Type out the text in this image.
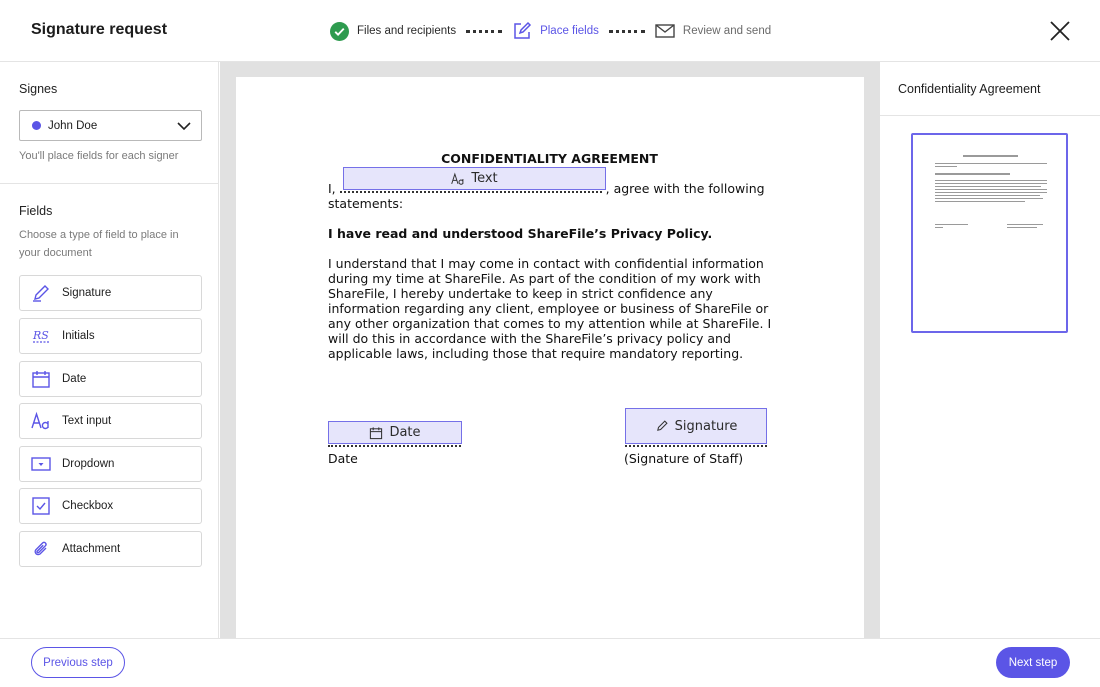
Signature request	Files and recipients	Place fields	Review and send
Signes
John Doe
You'll place fields for each signer
Fields
Choose a type of field to place in
your document
Signature
RS Initials
Date
Text input
Dropdown
Checkbox
Attachment
CONFIDENTIALITY AGREEMENT
I,	, agree with the following
statements:
I have read and understood ShareFile’s Privacy Policy.
I understand that I may come in contact with confidential information
during my time at ShareFile. As part of the condition of my work with
ShareFile, I hereby undertake to keep in strict confidence any
information regarding any client, employee or business of ShareFile or
any other organization that comes to my attention while at ShareFile. I
will do this in accordance with the ShareFile’s privacy policy and
applicable laws, including those that require mandatory reporting.
Date	(Signature of Staff)
Text
Date	Signature
Confidentiality Agreement
Previous step	Next step
